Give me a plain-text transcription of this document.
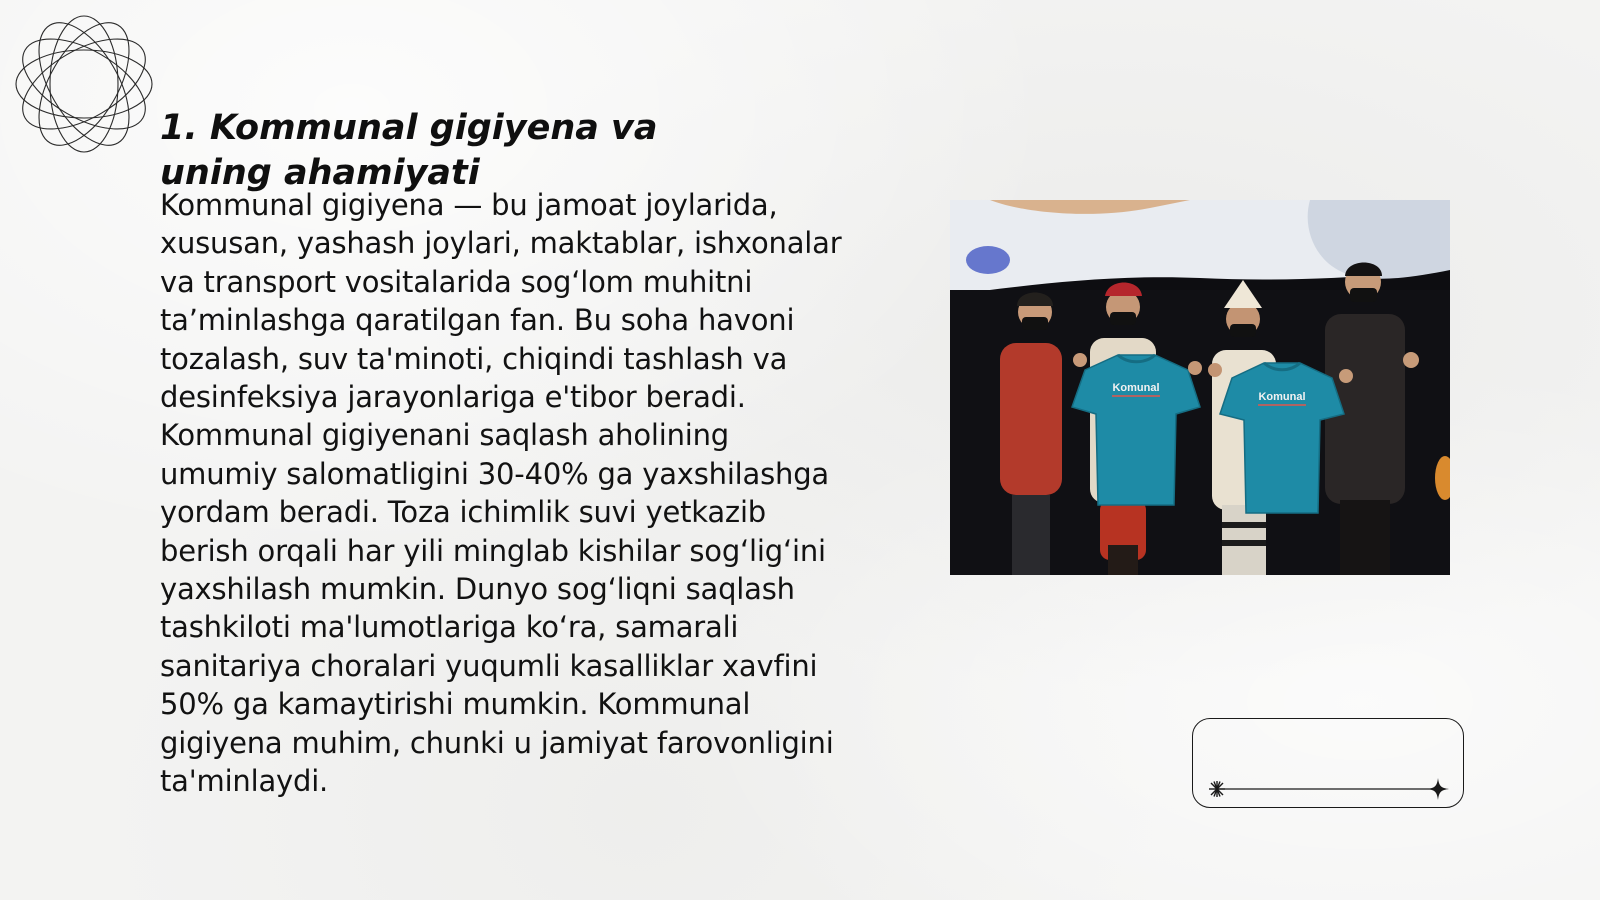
1. Kommunal gigiyena va uning ahamiyati

Kommunal gigiyena — bu jamoat joylarida, xususan, yashash joylari, maktablar, ishxonalar va transport vositalarida sog‘lom muhitni ta’minlashga qaratilgan fan. Bu soha havoni tozalash, suv ta'minoti, chiqindi tashlash va desinfeksiya jarayonlariga e'tibor beradi. Kommunal gigiyenani saqlash aholining umumiy salomatligini 30-40% ga yaxshilashga yordam beradi. Toza ichimlik suvi yetkazib berish orqali har yili minglab kishilar sog‘lig‘ini yaxshilash mumkin. Dunyo sog‘liqni saqlash tashkiloti ma'lumotlariga ko‘ra, samarali sanitariya choralari yuqumli kasalliklar xavfini 50% ga kamaytirishi mumkin. Kommunal gigiyena muhim, chunki u jamiyat farovonligini ta'minlaydi.

Komunal
Komunal
